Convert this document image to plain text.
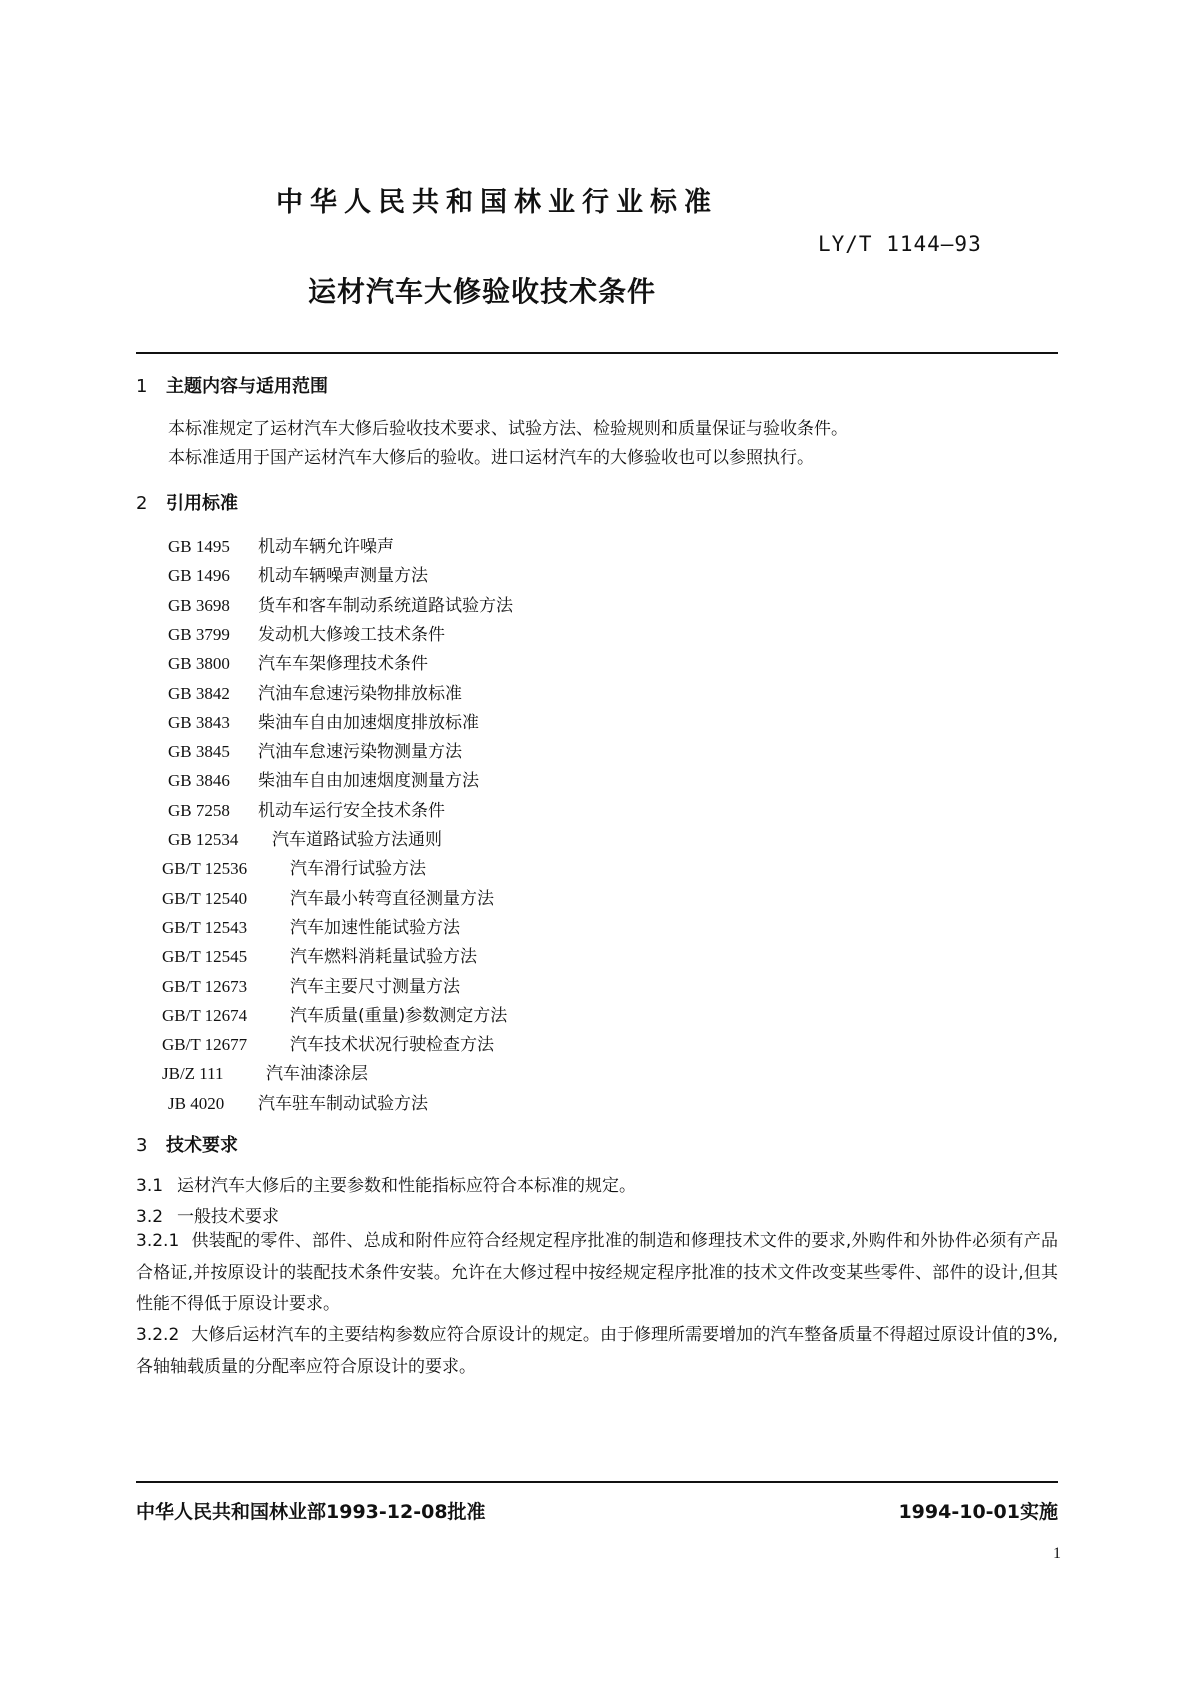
中华人民共和国林业行业标准
LY/T 1144—93
运材汽车大修验收技术条件
1 主题内容与适用范围
本标准规定了运材汽车大修后验收技术要求、试验方法、检验规则和质量保证与验收条件。
本标准适用于国产运材汽车大修后的验收。进口运材汽车的大修验收也可以参照执行。
2 引用标准
GB 1495 机动车辆允许噪声
GB 1496 机动车辆噪声测量方法
GB 3698 货车和客车制动系统道路试验方法
GB 3799 发动机大修竣工技术条件
GB 3800 汽车车架修理技术条件
GB 3842 汽油车怠速污染物排放标准
GB 3843 柴油车自由加速烟度排放标准
GB 3845 汽油车怠速污染物测量方法
GB 3846 柴油车自由加速烟度测量方法
GB 7258 机动车运行安全技术条件
GB 12534 汽车道路试验方法通则
GB/T 12536	汽车滑行试验方法
GB/T 12540	汽车最小转弯直径测量方法
GB/T 12543	汽车加速性能试验方法
GB/T 12545	汽车燃料消耗量试验方法
GB/T 12673	汽车主要尺寸测量方法
GB/T 12674	汽车质量(重量)参数测定方法
GB/T 12677	汽车技术状况行驶检查方法
JB/Z 111 汽车油漆涂层
JB 4020 汽车驻车制动试验方法
3 技术要求
3.1 运材汽车大修后的主要参数和性能指标应符合本标准的规定。
3.2 一般技术要求
3.2.1 供装配的零件、部件、总成和附件应符合经规定程序批准的制造和修理技术文件的要求,外购件和外协件必须有产品合格证,并按原设计的装配技术条件安装。允许在大修过程中按经规定程序批准的技术文件改变某些零件、部件的设计,但其性能不得低于原设计要求。
3.2.2 大修后运材汽车的主要结构参数应符合原设计的规定。由于修理所需要增加的汽车整备质量不得超过原设计值的3%,各轴轴载质量的分配率应符合原设计的要求。
中华人民共和国林业部1993-12-08批准	1994-10-01实施
1
